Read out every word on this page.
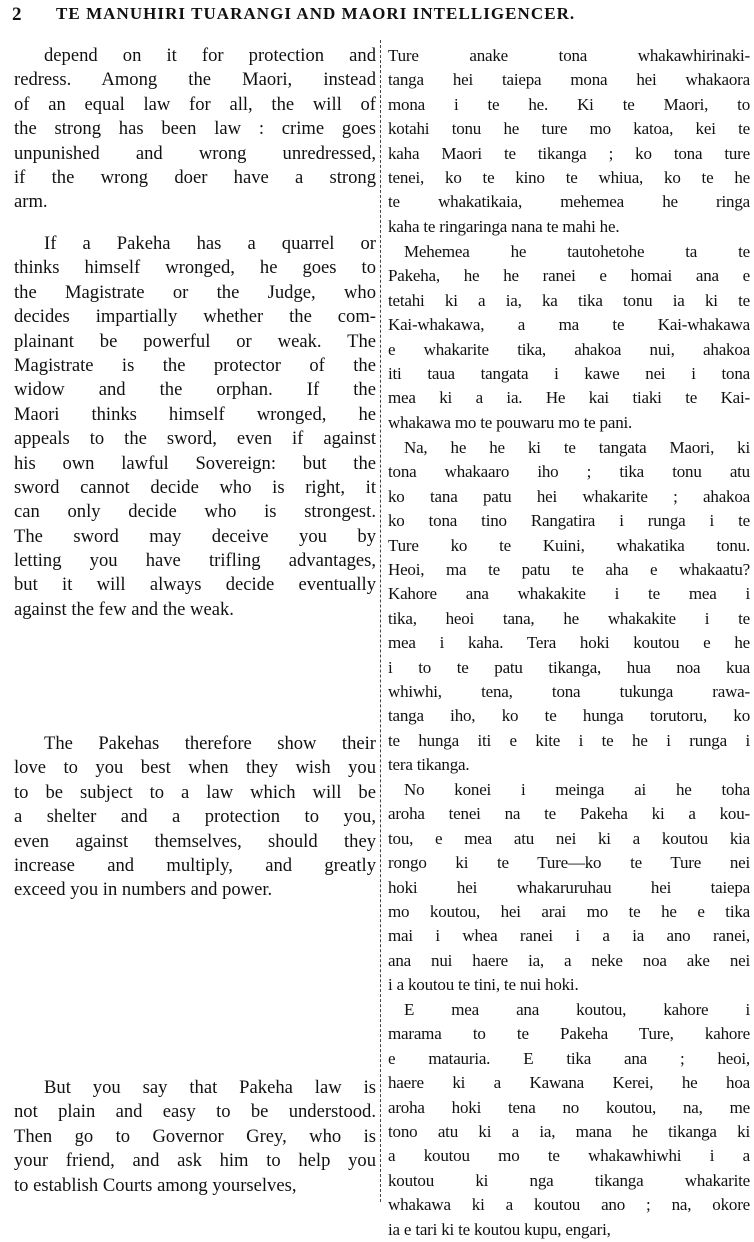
2 TE MANUHIRI TUARANGI AND MAORI INTELLIGENCER.
depend on it for protection and
redress. Among the Maori, instead
of an equal law for all, the will of
the strong has been law : crime goes
unpunished and wrong unredressed,
if the wrong doer have a strong
arm.
If a Pakeha has a quarrel or
thinks himself wronged, he goes to
the Magistrate or the Judge, who
decides impartially whether the com-
plainant be powerful or weak. The
Magistrate is the protector of the
widow and the orphan. If the
Maori thinks himself wronged, he
appeals to the sword, even if against
his own lawful Sovereign: but the
sword cannot decide who is right, it
can only decide who is strongest.
The sword may deceive you by
letting you have trifling advantages,
but it will always decide eventually
against the few and the weak.
The Pakehas therefore show their
love to you best when they wish you
to be subject to a law which will be
a shelter and a protection to you,
even against themselves, should they
increase and multiply, and greatly
exceed you in numbers and power.
But you say that Pakeha law is
not plain and easy to be understood.
Then go to Governor Grey, who is
your friend, and ask him to help you
to establish Courts among yourselves,
Ture anake tona whakawhirinaki-
tanga hei taiepa mona hei whakaora
mona i te he. Ki te Maori, to
kotahi tonu he ture mo katoa, kei te
kaha Maori te tikanga ; ko tona ture
tenei, ko te kino te whiua, ko te he
te whakatikaia, mehemea he ringa
kaha te ringaringa nana te mahi he.
Mehemea he tautohetohe ta te
Pakeha, he he ranei e homai ana e
tetahi ki a ia, ka tika tonu ia ki te
Kai-whakawa, a ma te Kai-whakawa
e whakarite tika, ahakoa nui, ahakoa
iti taua tangata i kawe nei i tona
mea ki a ia. He kai tiaki te Kai-
whakawa mo te pouwaru mo te pani.
Na, he he ki te tangata Maori, ki
tona whakaaro iho ; tika tonu atu
ko tana patu hei whakarite ; ahakoa
ko tona tino Rangatira i runga i te
Ture ko te Kuini, whakatika tonu.
Heoi, ma te patu te aha e whakaatu?
Kahore ana whakakite i te mea i
tika, heoi tana, he whakakite i te
mea i kaha. Tera hoki koutou e he
i to te patu tikanga, hua noa kua
whiwhi, tena, tona tukunga rawa-
tanga iho, ko te hunga torutoru, ko
te hunga iti e kite i te he i runga i
tera tikanga.
No konei i meinga ai he toha
aroha tenei na te Pakeha ki a kou-
tou, e mea atu nei ki a koutou kia
rongo ki te Ture—ko te Ture nei
hoki hei whakaruruhau hei taiepa
mo koutou, hei arai mo te he e tika
mai i whea ranei i a ia ano ranei,
ana nui haere ia, a neke noa ake nei
i a koutou te tini, te nui hoki.
E mea ana koutou, kahore i
marama to te Pakeha Ture, kahore
e matauria. E tika ana ; heoi,
haere ki a Kawana Kerei, he hoa
aroha hoki tena no koutou, na, me
tono atu ki a ia, mana he tikanga ki
a koutou mo te whakawhiwhi i a
koutou ki nga tikanga whakarite
whakawa ki a koutou ano ; na, okore
ia e tari ki te koutou kupu, engari,
